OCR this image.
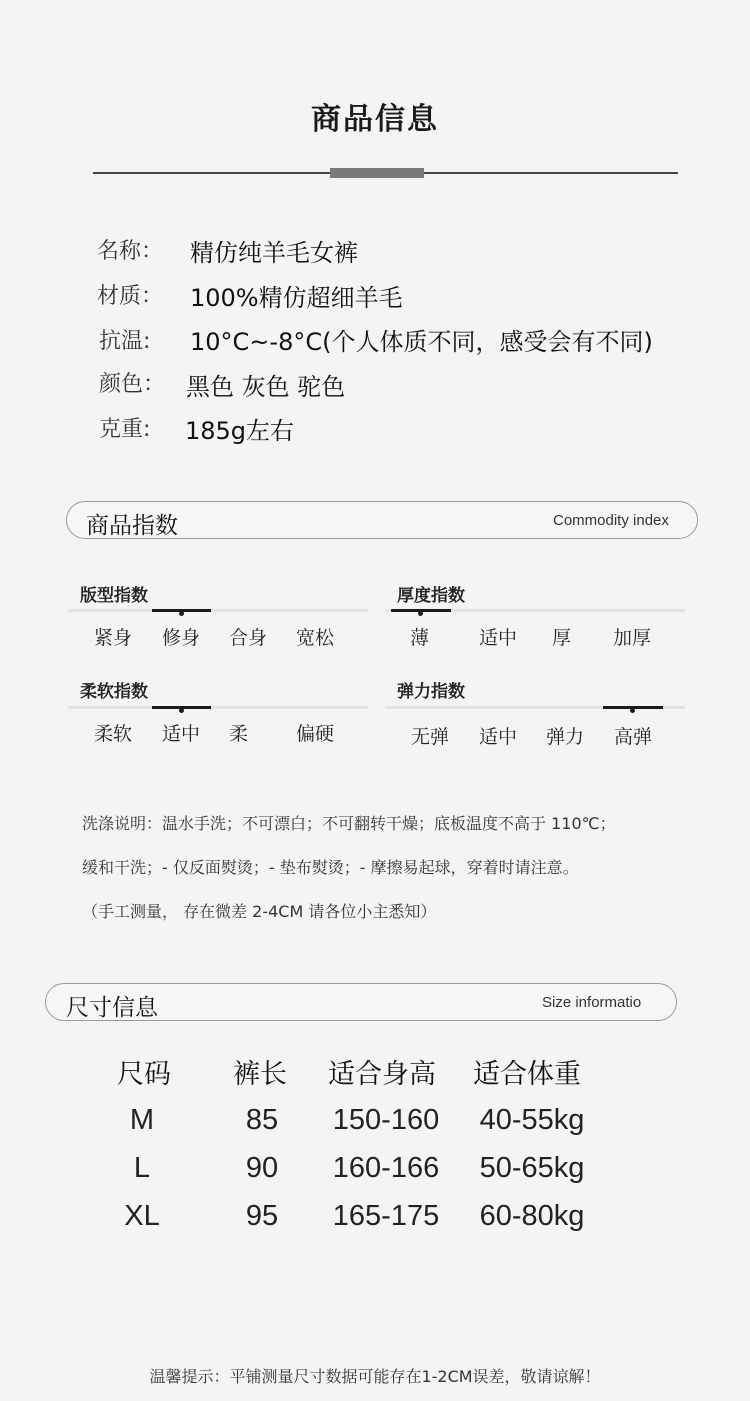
商品信息
名称： 精仿纯羊毛女裤
材质： 100%精仿超细羊毛
抗温: 10°C~-8°C(个人体质不同，感受会有不同)
颜色： 黑色 灰色 驼色
克重: 185g左右
商品指数	Commodity index
版型指数
紧身 修身 合身 宽松
厚度指数
薄	适中 厚 加厚
柔软指数
柔软 适中 柔	偏硬
弹力指数
无弹 适中 弹力 高弹
洗涤说明：温水手洗；不可漂白；不可翻转干燥；底板温度不高于 110℃；
缓和干洗；- 仅反面熨烫；- 垫布熨烫；- 摩擦易起球，穿着时请注意。
（手工测量， 存在微差 2-4CM 请各位小主悉知）
尺寸信息	Size informatio
尺码 裤长 适合身高 适合体重
M	85	150-160	40-55kg
L	90	160-166	50-65kg
XL	95	165-175	60-80kg
温馨提示：平铺测量尺寸数据可能存在1-2CM误差，敬请谅解！
